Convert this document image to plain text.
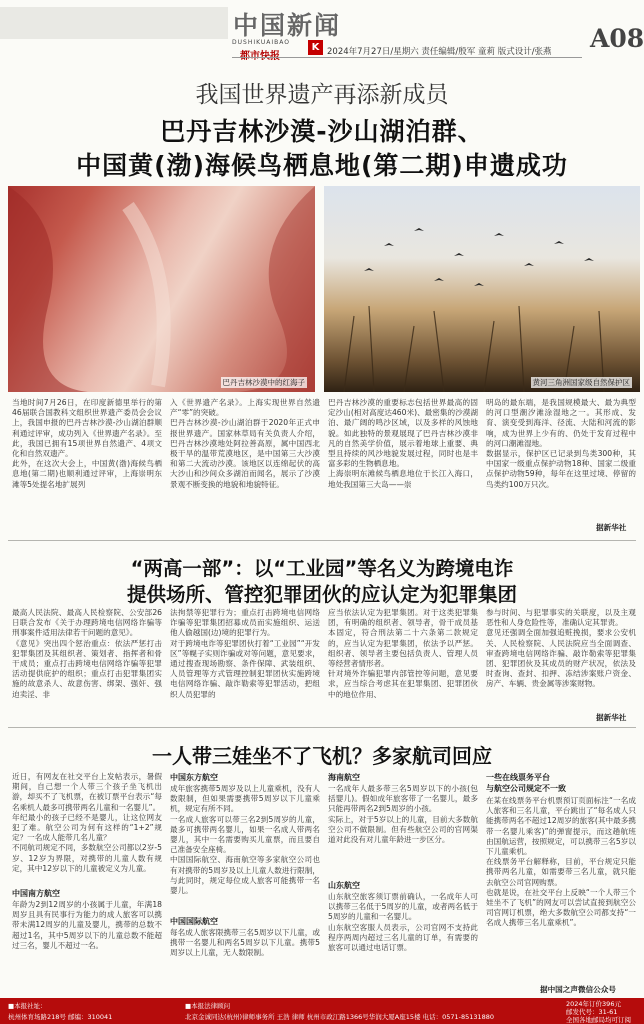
中国新闻
DUSHIKUAIBAO	K 2024年7月27日/星期六 责任编辑/殷军 童莉 版式设计/张燕 A08
我国世界遗产再添新成员
巴丹吉林沙漠-沙山湖泊群、
中国黄(渤)海候鸟栖息地(第二期)申遗成功
巴丹吉林沙漠中的红海子	黄河三角洲国家级自然保护区
当地时间7月26日，在印度新德里举行的第46届联合国教科文组织世界遗产委员会会议上，我国申报的巴丹吉林沙漠-沙山湖泊群顺利通过评审，成功列入《世界遗产名录》。至此，我国已拥有15项世界自然遗产、4项文化和自然双遗产。
此外，在这次大会上，中国黄(渤)海候鸟栖息地(第二期)也顺利通过评审，上海崇明东滩等5处提名地扩展列
入《世界遗产名录》。上海实现世界自然遗产“零”的突破。
巴丹吉林沙漠-沙山湖泊群于2020年正式申报世界遗产。国家林草局有关负责人介绍，巴丹吉林沙漠地处阿拉善高原，属中国西北极干旱的温带荒漠地区，是中国第三大沙漠和第二大流动沙漠。该地区以连绵起伏的高大沙山和沙间众多湖泊而闻名，展示了沙漠景观不断变换的地貌和地貌特征。
巴丹吉林沙漠的重要标志包括世界最高的固定沙山(相对高度达460米)、最密集的沙漠湖泊、最广阔的鸣沙区域，以及多样的风蚀地貌。如此独特的景观展现了巴丹吉林沙漠非凡的自然美学价值，展示着地球上重要、典型且持续的风沙地貌发展过程，同时也是丰富多彩的生物栖息地。
上海崇明东滩候鸟栖息地位于长江入海口，地处我国第三大岛——崇
明岛的最东端，是我国规模最大、最为典型的河口型潮汐滩涂湿地之一。其形成、发育、演变受到海洋、径流、大陆和河流的影响，成为世界上少有的、仍处于发育过程中的河口潮滩湿地。
数据显示，保护区已记录到鸟类300种，其中国家一级重点保护动物18种、国家二级重点保护动物59种，每年在这里过境、停留的鸟类约100万只次。
据新华社
“两高一部”：以“工业园”等名义为跨境电诈
提供场所、管控犯罪团伙的应认定为犯罪集团
最高人民法院、最高人民检察院、公安部26日联合发布《关于办理跨境电信网络诈骗等刑事案件适用法律若干问题的意见》。
《意见》突出四个惩治重点：依法严惩打击犯罪集团及其组织者、策划者、指挥者和骨干成员；重点打击跨境电信网络诈骗等犯罪活动提供庇护的组织；重点打击犯罪集团实施的故意杀人、故意伤害、绑架、强奸、强迫卖淫、非
法拘禁等犯罪行为；重点打击跨境电信网络诈骗等犯罪集团招募成员而实施组织、运送他人偷越国(边)境的犯罪行为。
对于跨境电诈等犯罪团伙打着“工业园”“开发区”等幌子实则诈骗或对等问题，意见要求，通过搜查现场勘察、条件保障、武装组织、人员管理等方式管理控制犯罪团伙实施跨境电信网络诈骗、敲诈勒索等犯罪活动，把组织人员犯罪的
应当依法认定为犯罪集团。对于这类犯罪集团，有明确的组织者、领导者，骨干成员基本固定，符合刑法第二十六条第二款规定的，应当认定为犯罪集团，依法予以严惩。组织者、领导者主要包括负责人、管理人员等经营者情形者。
针对境外诈骗犯罪内部管控等问题，意见要求，应当综合考虑其在犯罪集团、犯罪团伙中的地位作用、
参与时间、与犯罪事实的关联度，以及主观恶性和人身危险性等，准确认定其罪责。
意见还强调全面加强追赃挽损，要求公安机关、人民检察院、人民法院应当全面调查、审查跨境电信网络诈骗、敲诈勒索等犯罪集团、犯罪团伙及其成员的财产状况，依法及时查询、查封、扣押、冻结涉案账户资金、房产、车辆、贵金属等涉案财物。
据新华社
一人带三娃坐不了飞机？多家航司回应
近日，有网友在社交平台上发帖表示，暑假期间，自己想一个人带三个孩子坐飞机出游，却买不了飞机票，在被订票平台表示“每名乘机人最多可携带两名儿童和一名婴儿”。
年纪最小的孩子已经不是婴儿，让这位网友犯了难。航空公司为何有这样的“1+2”规定？一名成人能带几名儿童？
不同航司规定不同，多数航空公司都以2岁-5岁、12岁为界限，对携带的儿童人数有规定，其中12岁以下的儿童被定义为儿童。
中国南方航空
年龄为2到12周岁的小孩属于儿童，年满18周岁且具有民事行为能力的成人旅客可以携带未满12周岁的儿童及婴儿，携带的总数不超过1名，其中5周岁以下的儿童总数不能超过三名，婴儿不超过一名。
中国东方航空
成年旅客携带5周岁及以上儿童乘机，没有人数限制，但如果需要携带5周岁以下儿童乘机，规定有所不同。
一名成人旅客可以带三名2到5周岁的儿童，最多可携带两名婴儿，如果一名成人带两名婴儿，其中一名需要购买儿童票，而且要自己准备安全座椅。
中国国际航空、海南航空等多家航空公司也有对携带的5周岁及以上儿童人数进行限制，与此同时，规定每位成人旅客可能携带一名婴儿。
中国国际航空
每名成人旅客限携带三名5周岁以下儿童，或携带一名婴儿和两名5周岁以下儿童。携带5周岁以上儿童，无人数限制。
海南航空
一名成年人最多带三名5周岁以下的小孩(包括婴儿)。假如成年旅客带了一名婴儿，最多只能再带两名2到5周岁的小孩。
实际上，对于5岁以上的儿童，目前大多数航空公司不做限制。但有些航空公司的官网渠道对此没有对儿童年龄进一步区分。
山东航空
山东航空旅客须订票前确认，一名成年人可以携带三名低于5周岁的儿童，或者两名低于5周岁的儿童和一名婴儿。
山东航空客服人员表示，公司官网不支持此程序两周内超过三名儿童的订单，有需要的旅客可以通过电话订票。
一些在线票务平台
与航空公司规定不一致
在某在线票务平台机票预订页面标注“一名成人旅客和三名儿童，平台跳出了“每名成人只能携带两名不超过12周岁的旅客(其中最多携带一名婴儿乘客)”的弹窗提示，而这趟航班由国航运营，按照规定，可以携带三名5岁以下儿童乘机。
在线票务平台解释称，目前，平台规定只能携带两名儿童，如需要带三名儿童，就只能去航空公司官网购票。
也就是说，在社交平台上反映“一个人带三个娃坐不了飞机”的网友可以尝试直接到航空公司官网订机票，绝大多数航空公司都支持“一名成人携带三名儿童乘机”。
据中国之声微信公众号
■本报社址：
杭州体育场路218号 邮编：310041
■本报法律顾问
北京金诚同达(杭州)律师事务所 王浩 律师 杭州市政江路1366号华润大厦A座15楼 电话：0571-85131880
2024年订价396元
邮发代号：31-61
全国各地邮局均可订阅
